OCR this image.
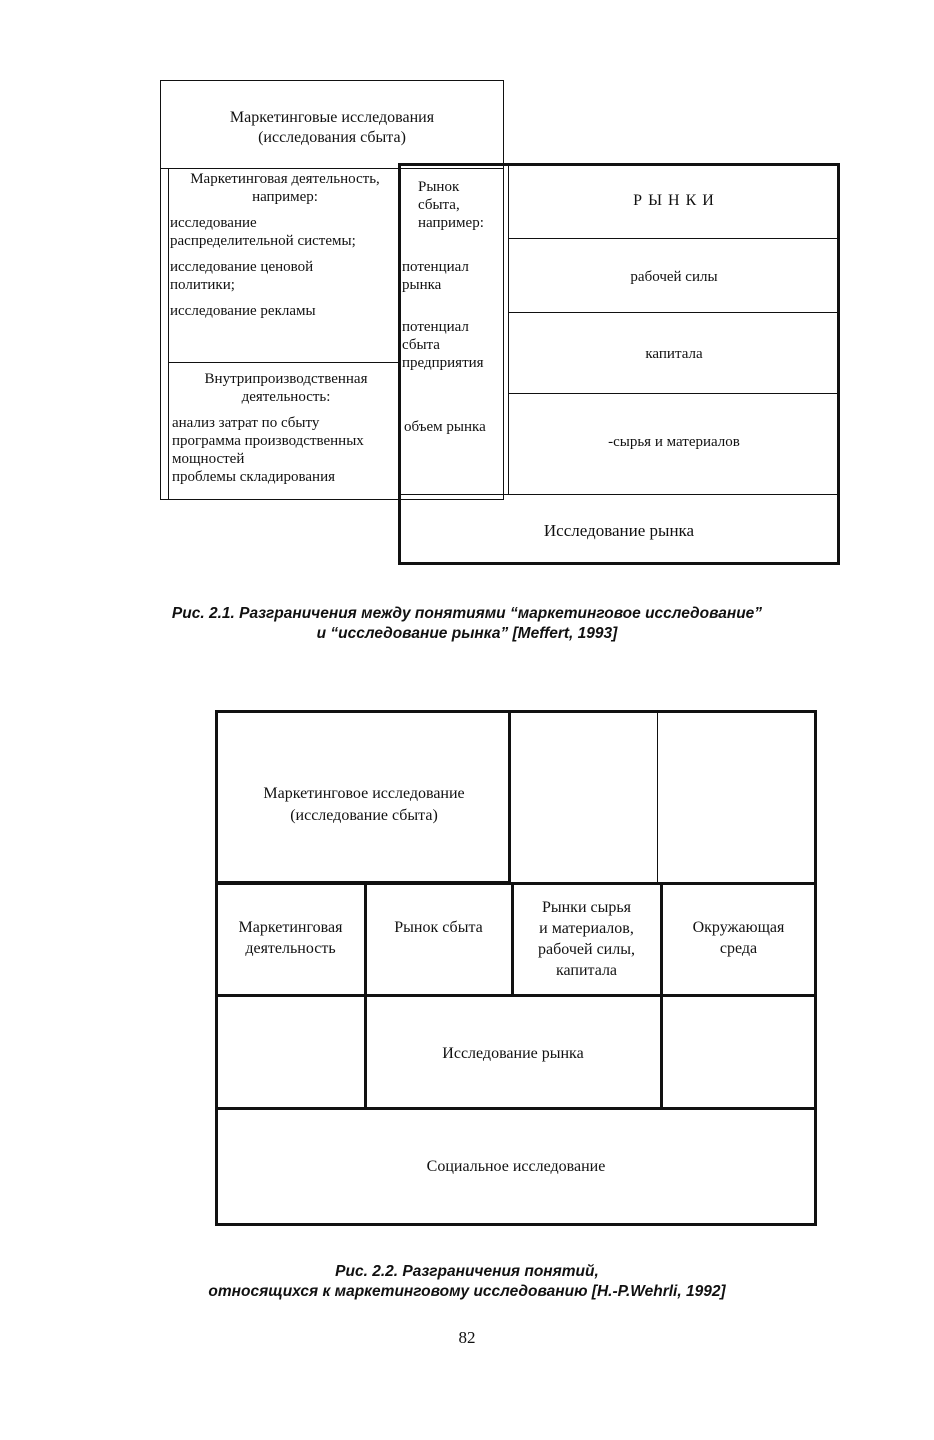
Маркетинговые исследования
(исследования сбыта)
Маркетинговая деятельность,
например:
исследование
распределительной системы;
исследование ценовой
политики;
исследование рекламы
Внутрипроизводственная
деятельность:
анализ затрат по сбыту
программа производственных
мощностей
проблемы складирования
Рынок
сбыта,
например:
потенциал
рынка
потенциал
сбыта
предприятия
объем рынка
Р Ы Н К И
рабочей силы
капитала
-сырья и материалов
Исследование рынка
Рис. 2.1. Разграничения между понятиями “маркетинговое исследование”
и “исследование рынка” [Meffert, 1993]
Маркетинговое исследование
(исследование сбыта)
Маркетинговая
деятельность
Рынок сбыта
Рынки сырья
и материалов,
рабочей силы,
капитала
Окружающая
среда
Исследование рынка
Социальное исследование
Рис. 2.2. Разграничения понятий,
относящихся к маркетинговому исследованию [H.-P.Wehrli, 1992]
82
